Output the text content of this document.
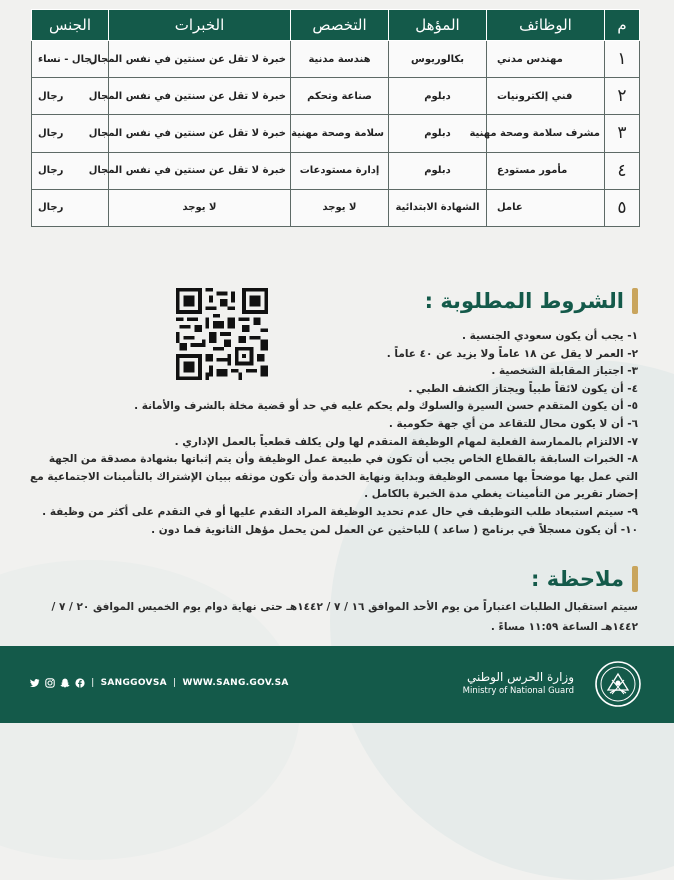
م	الوظائف	المؤهل	التخصص	الخبرات	الجنس
١	مهندس مدني	بكالوريوس	هندسة مدنية	خبرة لا تقل عن سنتين في نفس المجال	رجال - نساء
٢	فني إلكترونيات	دبلوم	صناعة وتحكم	خبرة لا تقل عن سنتين في نفس المجال	رجال
٣	مشرف سلامة وصحة مهنية	دبلوم	سلامة وصحة مهنية	خبرة لا تقل عن سنتين في نفس المجال	رجال
٤	مأمور مستودع	دبلوم	إدارة مستودعات	خبرة لا تقل عن سنتين في نفس المجال	رجال
٥	عامل	الشهادة الابتدائية	لا يوجد	لا يوجد	رجال
الشروط المطلوبة :
١- يجب أن يكون سعودي الجنسية .
٢- العمر لا يقل عن ١٨ عاماً ولا يزيد عن ٤٠ عاماً .
٣- اجتياز المقابلة الشخصية .
٤- أن يكون لائقاً طبياً ويجتاز الكشف الطبي .
٥- أن يكون المتقدم حسن السيرة والسلوك ولم يحكم عليه في حد أو قضية مخلة بالشرف والأمانة .
٦- أن لا يكون محال للتقاعد من أي جهة حكومية .
٧- الالتزام بالممارسة الفعلية لمهام الوظيفة المتقدم لها ولن يكلف قطعياً بالعمل الإداري .
٨- الخبرات السابقة بالقطاع الخاص يجب أن تكون في طبيعة عمل الوظيفة وأن يتم إثباتها بشهادة مصدقة من الجهة التي عمل بها موضحاً بها مسمى الوظيفة وبداية ونهاية الخدمة وأن تكون موثقه ببيان الإشتراك بالتأمينات الاجتماعية مع إحضار تقرير من التأمينات يغطي مدة الخبرة بالكامل .
٩- سيتم استبعاد طلب التوظيف في حال عدم تحديد الوظيفة المراد التقدم عليها أو في التقدم على أكثر من وظيفة .
١٠- أن يكون مسجلاً في برنامج ( ساعد ) للباحثين عن العمل لمن يحمل مؤهل الثانوية فما دون .
ملاحظة :

سيتم استقبال الطلبات اعتباراً من يوم الأحد الموافق ١٦ / ٧ / ١٤٤٢هـ حتى نهاية دوام يوم الخميس الموافق ٢٠ / ٧ / ١٤٤٢هـ الساعة ١١:٥٩ مساءً .

| SANGGOVSA | WWW.SANG.GOV.SA	وزارة الحرس الوطني
Ministry of National Guard
